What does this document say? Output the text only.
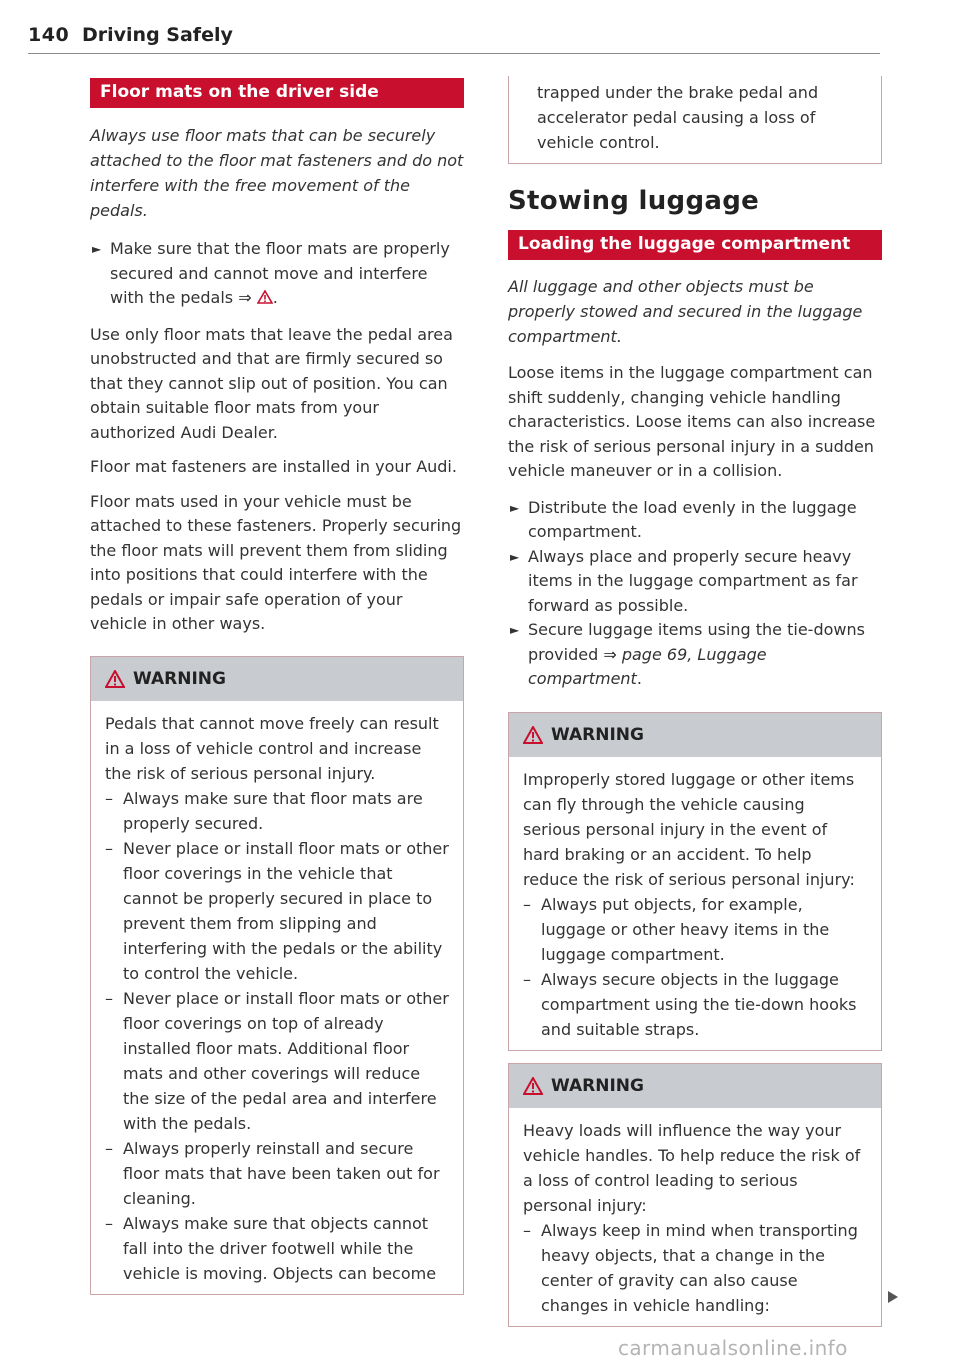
140 Driving Safely
Floor mats on the driver side
Always use floor mats that can be securely attached to the floor mat fasteners and do not interfere with the free movement of the pedals.
► Make sure that the floor mats are properly secured and cannot move and interfere with the pedals ⇒ .

Use only floor mats that leave the pedal area unobstructed and that are firmly secured so that they cannot slip out of position. You can obtain suitable floor mats from your authorized Audi Dealer.

Floor mat fasteners are installed in your Audi.

Floor mats used in your vehicle must be attached to these fasteners. Properly securing the floor mats will prevent them from sliding into positions that could interfere with the pedals or impair safe operation of your vehicle in other ways.

WARNING
Pedals that cannot move freely can result in a loss of vehicle control and increase the risk of serious personal injury.
– Always make sure that floor mats are properly secured.
– Never place or install floor mats or other floor coverings in the vehicle that cannot be properly secured in place to prevent them from slipping and interfering with the pedals or the ability to control the vehicle.
– Never place or install floor mats or other floor coverings on top of already installed floor mats. Additional floor mats and other coverings will reduce the size of the pedal area and interfere with the pedals.
– Always properly reinstall and secure floor mats that have been taken out for cleaning.
– Always make sure that objects cannot fall into the driver footwell while the vehicle is moving. Objects can become
trapped under the brake pedal and accelerator pedal causing a loss of vehicle control.
Stowing luggage
Loading the luggage compartment
All luggage and other objects must be properly stowed and secured in the luggage compartment.

Loose items in the luggage compartment can shift suddenly, changing vehicle handling characteristics. Loose items can also increase the risk of serious personal injury in a sudden vehicle maneuver or in a collision.

► Distribute the load evenly in the luggage compartment.
► Always place and properly secure heavy items in the luggage compartment as far forward as possible.
► Secure luggage items using the tie-downs provided ⇒ page 69, Luggage compartment.
WARNING
Improperly stored luggage or other items can fly through the vehicle causing serious personal injury in the event of hard braking or an accident. To help reduce the risk of serious personal injury:
– Always put objects, for example, luggage or other heavy items in the luggage compartment.
– Always secure objects in the luggage compartment using the tie-down hooks and suitable straps.
WARNING
Heavy loads will influence the way your vehicle handles. To help reduce the risk of a loss of control leading to serious personal injury:
– Always keep in mind when transporting heavy objects, that a change in the center of gravity can also cause changes in vehicle handling:
carmanualsonline.info
